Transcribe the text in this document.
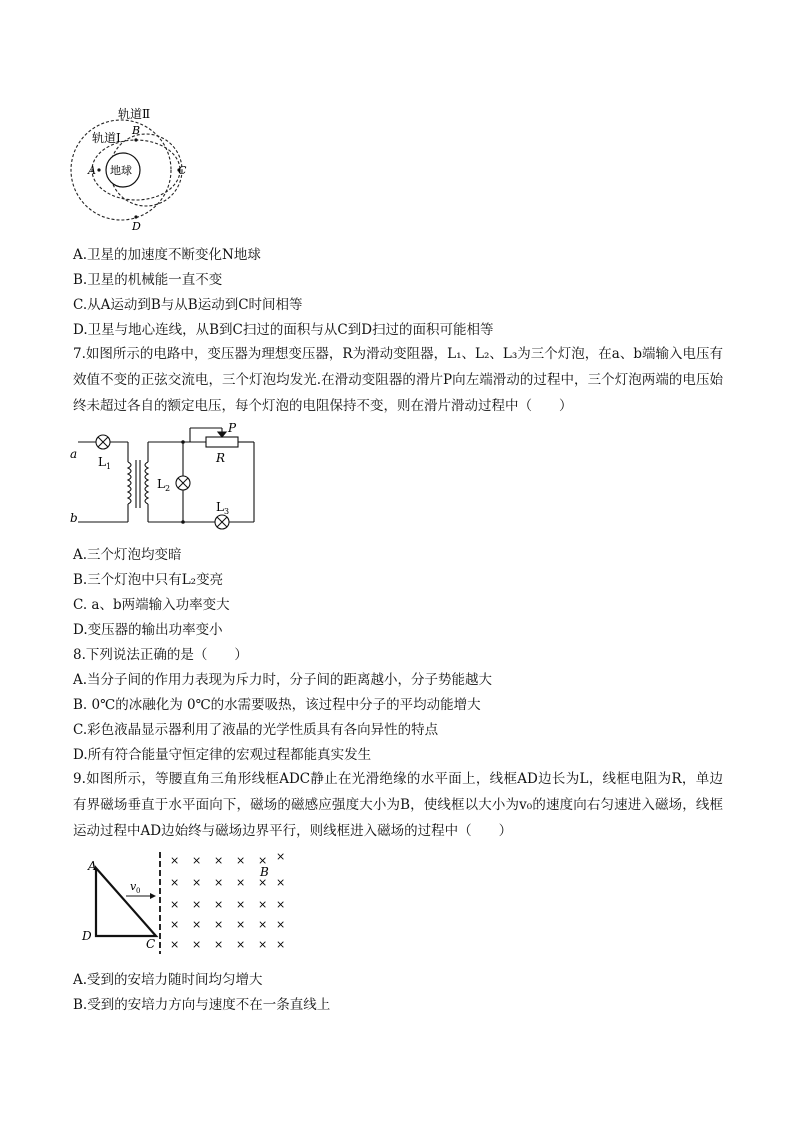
地球
轨道Ⅱ
轨道Ⅰ
B
A	C
D
A.卫星的加速度不断变化N地球
B.卫星的机械能一直不变
C.从A运动到B与从B运动到C时间相等
D.卫星与地心连线，从B到C扫过的面积与从C到D扫过的面积可能相等
7.如图所示的电路中，变压器为理想变压器，R为滑动变阻器，L₁、L₂、L₃为三个灯泡，在a、b端输入电压有效值不变的正弦交流电，三个灯泡均发光.在滑动变阻器的滑片P向左端滑动的过程中，三个灯泡两端的电压始终未超过各自的额定电压，每个灯泡的电阻保持不变，则在滑片滑动过程中（　　）
a
b
L 1
L 2
L 3
P
R
A.三个灯泡均变暗
B.三个灯泡中只有L₂变亮
C. a、b两端输入功率变大
D.变压器的输出功率变小
8.下列说法正确的是（　　）
A.当分子间的作用力表现为斥力时，分子间的距离越小，分子势能越大
B. 0℃的冰融化为 0℃的水需要吸热，该过程中分子的平均动能增大
C.彩色液晶显示器利用了液晶的光学性质具有各向异性的特点
D.所有符合能量守恒定律的宏观过程都能真实发生
9.如图所示，等腰直角三角形线框ADC静止在光滑绝缘的水平面上，线框AD边长为L，线框电阻为R，单边有界磁场垂直于水平面向下，磁场的磁感应强度大小为B，使线框以大小为v₀的速度向右匀速进入磁场，线框运动过程中AD边始终与磁场边界平行，则线框进入磁场的过程中（　　）
A
D
C
B
v 0
× × × × × ×
× × × × × ×
× × × × × ×
× × × × × ×
× × × × × ×
A.受到的安培力随时间均匀增大
B.受到的安培力方向与速度不在一条直线上
